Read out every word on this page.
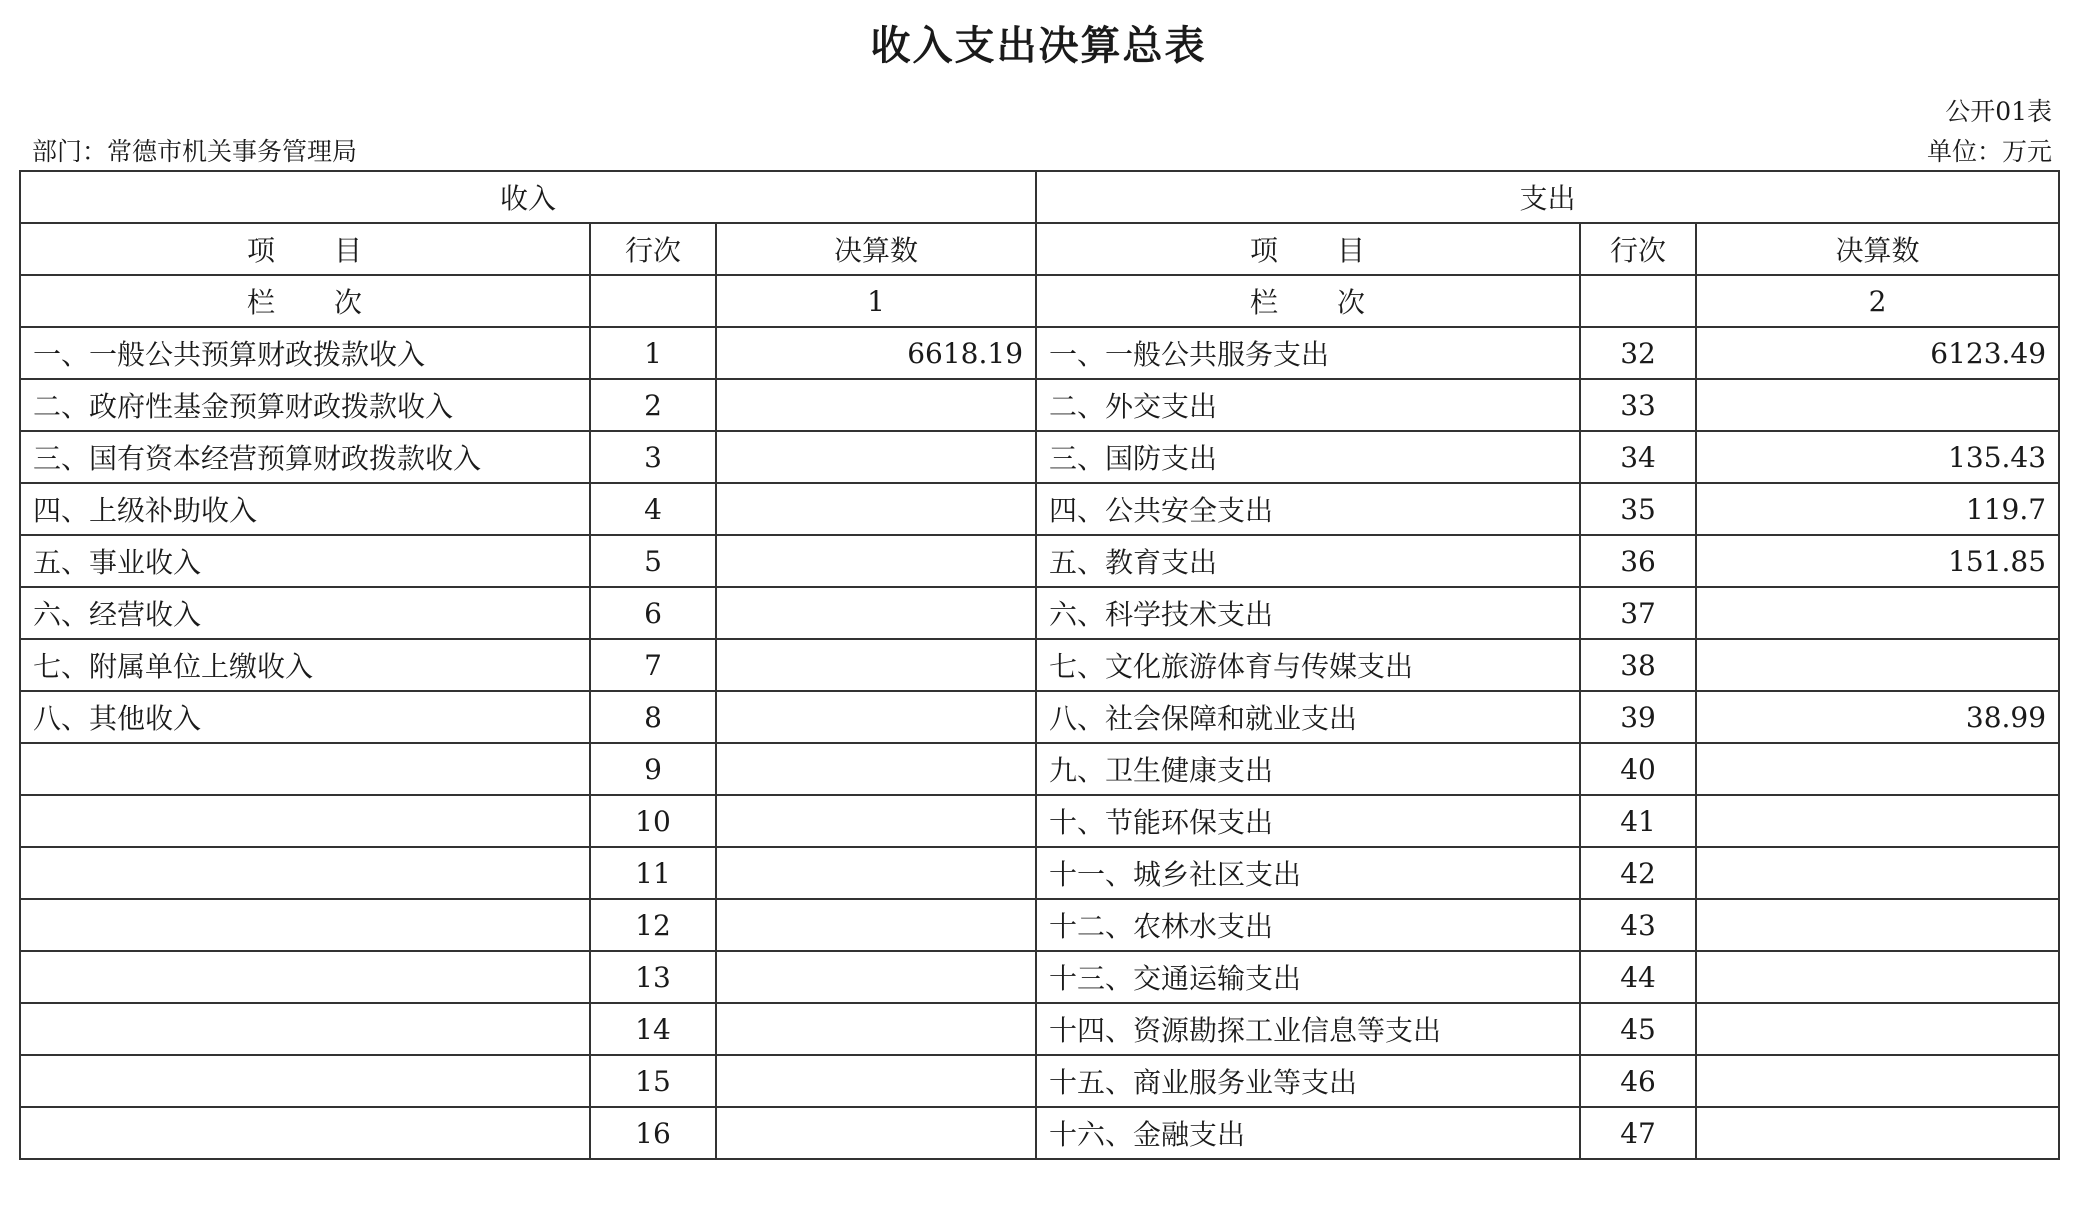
收入支出决算总表
公开01表
部门：常德市机关事务管理局	单位：万元
收入			支出		
项　　目	行次	决算数	项　　目	行次	决算数
栏　　次		1	栏　　次		2
一、一般公共预算财政拨款收入	1	6618.19	一、一般公共服务支出	32	6123.49
二、政府性基金预算财政拨款收入	2		二、外交支出	33	
三、国有资本经营预算财政拨款收入	3		三、国防支出	34	135.43
四、上级补助收入	4		四、公共安全支出	35	119.7
五、事业收入	5		五、教育支出	36	151.85
六、经营收入	6		六、科学技术支出	37	
七、附属单位上缴收入	7		七、文化旅游体育与传媒支出	38	
八、其他收入	8		八、社会保障和就业支出	39	38.99
	9		九、卫生健康支出	40	
	10		十、节能环保支出	41	
	11		十一、城乡社区支出	42	
	12		十二、农林水支出	43	
	13		十三、交通运输支出	44	
	14		十四、资源勘探工业信息等支出	45	
	15		十五、商业服务业等支出	46	
	16		十六、金融支出	47	
